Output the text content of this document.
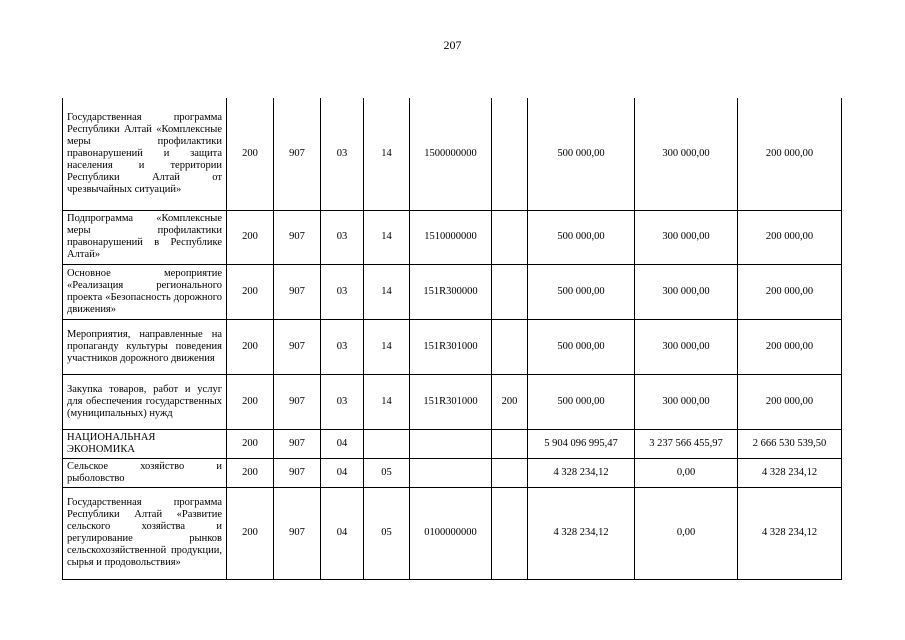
207
Государственная программа Республики Алтай «Комплексные меры профилактики правонарушений и защита населения и территории Республики Алтай от чрезвычайных ситуаций»	200	907	03	14	1500000000		500 000,00	300 000,00	200 000,00
Подпрограмма «Комплексные меры профилактики правонарушений в Республике Алтай»	200	907	03	14	1510000000		500 000,00	300 000,00	200 000,00
Основное мероприятие «Реализация регионального проекта «Безопасность дорожного движения»	200	907	03	14	151R300000		500 000,00	300 000,00	200 000,00
Мероприятия, направленные на пропаганду культуры поведения участников дорожного движения	200	907	03	14	151R301000		500 000,00	300 000,00	200 000,00
Закупка товаров, работ и услуг для обеспечения государственных (муниципальных) нужд	200	907	03	14	151R301000	200	500 000,00	300 000,00	200 000,00
НАЦИОНАЛЬНАЯ ЭКОНОМИКА	200	907	04				5 904 096 995,47	3 237 566 455,97	2 666 530 539,50
Сельское хозяйство и рыболовство	200	907	04	05			4 328 234,12	0,00	4 328 234,12
Государственная программа Республики Алтай «Развитие сельского хозяйства и регулирование рынков сельскохозяйственной продукции, сырья и продовольствия»	200	907	04	05	0100000000		4 328 234,12	0,00	4 328 234,12
